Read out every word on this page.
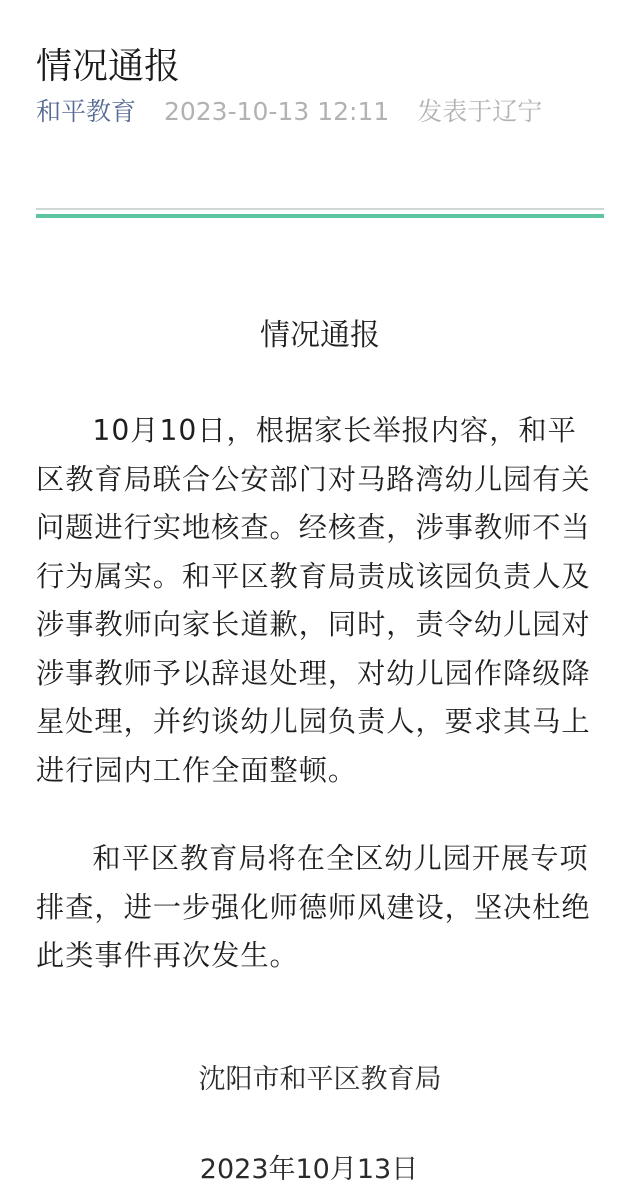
情况通报
和平教育 2023-10-13 12:11 发表于辽宁
情况通报

10月10日，根据家长举报内容，和平区教育局联合公安部门对马路湾幼儿园有关问题进行实地核查。经核查，涉事教师不当行为属实。和平区教育局责成该园负责人及涉事教师向家长道歉，同时，责令幼儿园对涉事教师予以辞退处理，对幼儿园作降级降星处理，并约谈幼儿园负责人，要求其马上进行园内工作全面整顿。

和平区教育局将在全区幼儿园开展专项排查，进一步强化师德师风建设，坚决杜绝此类事件再次发生。

沈阳市和平区教育局
2023年10月13日
